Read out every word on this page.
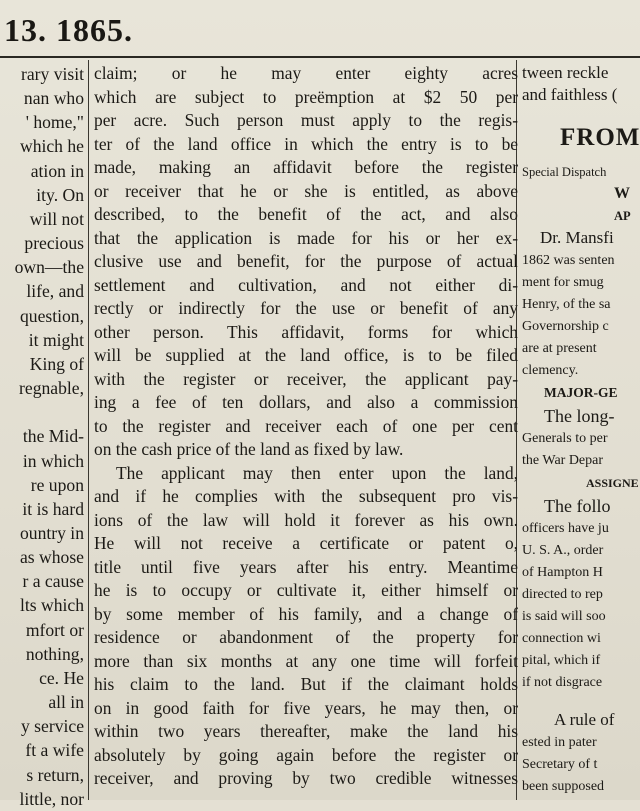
13. 1865.
rary visit
nan who
' home,"
which he
ation in
ity. On
will not
precious
own—the
life, and
question,
it might
King of
regnable,

the Mid-
in which
re upon
it is hard
ountry in
as whose
r a cause
lts which
mfort or
nothing,
ce. He
all in
y service
ft a wife
s return,
little, nor
claim; or he may enter eighty acres
which are subject to preëmption at $2 50 per
per acre. Such person must apply to the regis-
ter of the land office in which the entry is to be
made, making an affidavit before the register
or receiver that he or she is entitled, as above
described, to the benefit of the act, and also
that the application is made for his or her ex-
clusive use and benefit, for the purpose of actual
settlement and cultivation, and not either di-
rectly or indirectly for the use or benefit of any
other person. This affidavit, forms for which
will be supplied at the land office, is to be filed
with the register or receiver, the applicant pay-
ing a fee of ten dollars, and also a commission
to the register and receiver each of one per cent
on the cash price of the land as fixed by law.
The applicant may then enter upon the land,
and if he complies with the subsequent pro vis-
ions of the law will hold it forever as his own.
He will not receive a certificate or patent o,
title until five years after his entry. Meantime
he is to occupy or cultivate it, either himself or
by some member of his family, and a change of
residence or abandonment of the property for
more than six months at any one time will forfeit
his claim to the land. But if the claimant holds
on in good faith for five years, he may then, or
within two years thereafter, make the land his
absolutely by going again before the register or
receiver, and proving by two credible witnesses
tween reckle
and faithless (
FROM
Special Dispatch
W
AP
Dr. Mansfi
1862 was senten
ment for smug
Henry, of the sa
Governorship c
are at present
clemency.
MAJOR-GE
The long-
Generals to per
the War Depar
ASSIGNE
The follo
officers have ju
U. S. A., order
of Hampton H
directed to rep
is said will soo
connection wi
pital, which if
if not disgrace
A rule of
ested in pater
Secretary of t
been supposed
